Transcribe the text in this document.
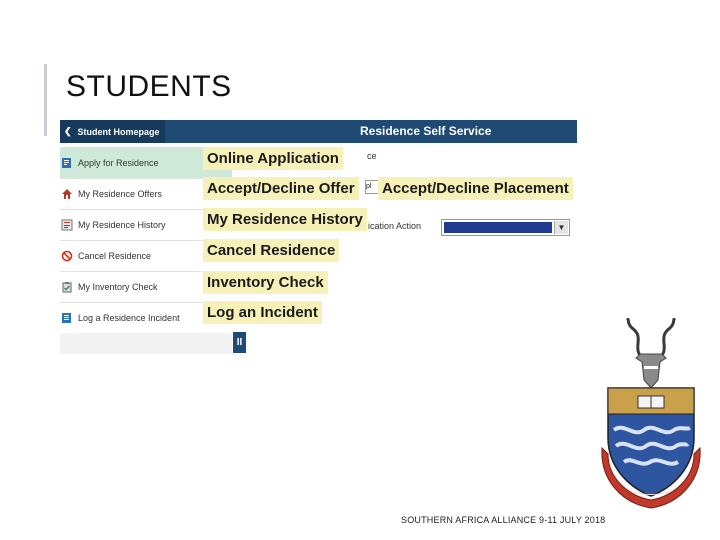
STUDENTS
❮ Student Homepage	Residence Self Service
Apply for Residence
My Residence Offers
My Residence History
Cancel Residence
My Inventory Check
Log a Residence Incident
ce
pl
ication Action	▼
Online Application
Accept/Decline Offer Accept/Decline Placement
My Residence History
Cancel Residence
Inventory Check
Log an Incident
II
SOUTHERN AFRICA ALLIANCE 9-11 JULY 2018
